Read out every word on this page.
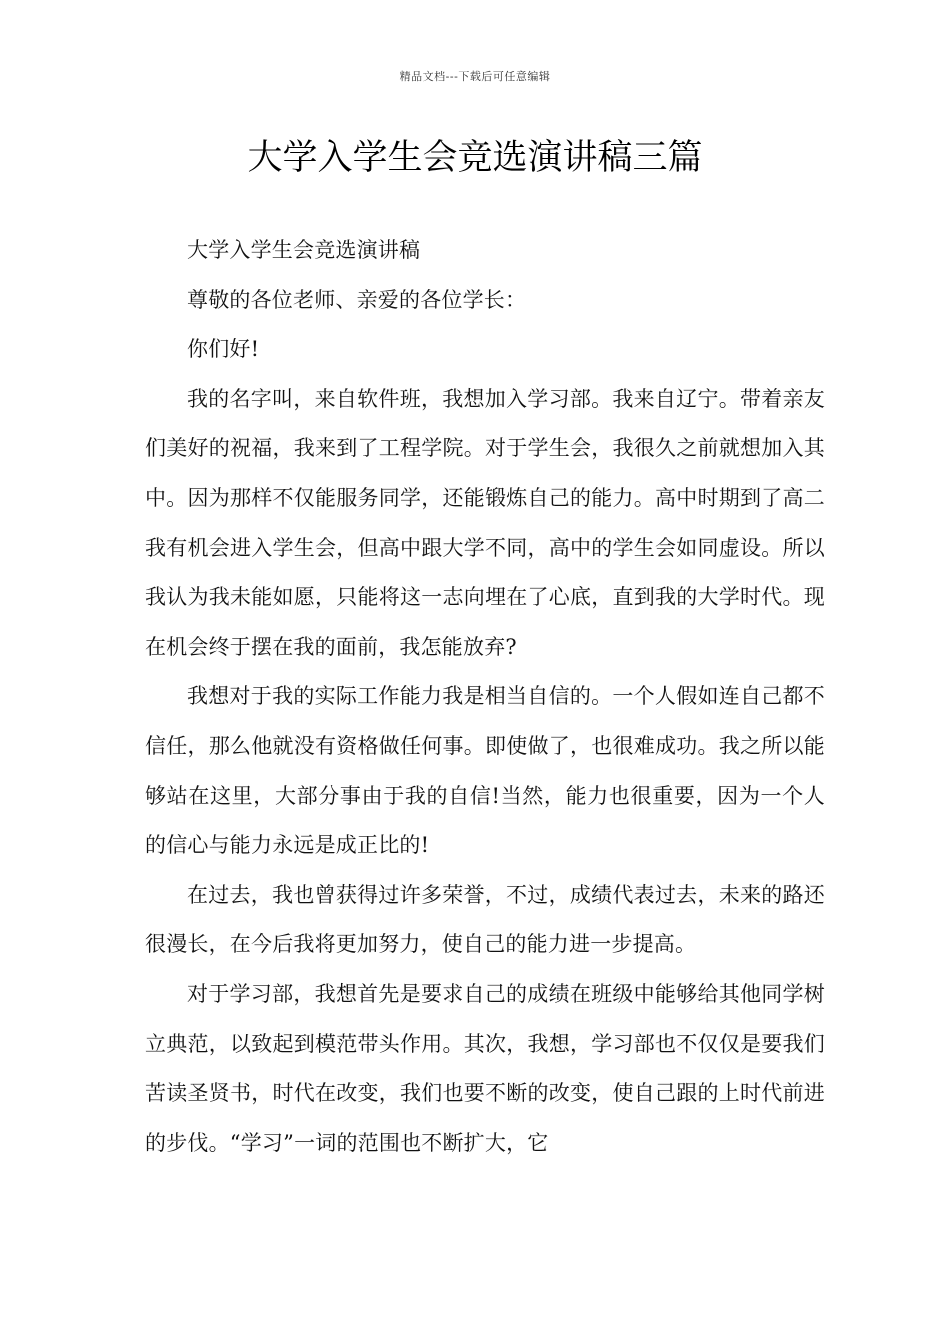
精品文档---下载后可任意编辑
大学入学生会竞选演讲稿三篇

大学入学生会竞选演讲稿

尊敬的各位老师、亲爱的各位学长：

你们好!

我的名字叫，来自软件班，我想加入学习部。我来自辽宁。带着亲友们美好的祝福，我来到了工程学院。对于学生会，我很久之前就想加入其中。因为那样不仅能服务同学，还能锻炼自己的能力。高中时期到了高二我有机会进入学生会，但高中跟大学不同，高中的学生会如同虚设。所以我认为我未能如愿，只能将这一志向埋在了心底，直到我的大学时代。现在机会终于摆在我的面前，我怎能放弃?

我想对于我的实际工作能力我是相当自信的。一个人假如连自己都不信任，那么他就没有资格做任何事。即使做了，也很难成功。我之所以能够站在这里，大部分事由于我的自信!当然，能力也很重要，因为一个人的信心与能力永远是成正比的!

在过去，我也曾获得过许多荣誉，不过，成绩代表过去，未来的路还很漫长，在今后我将更加努力，使自己的能力进一步提高。

对于学习部，我想首先是要求自己的成绩在班级中能够给其他同学树立典范，以致起到模范带头作用。其次，我想，学习部也不仅仅是要我们苦读圣贤书，时代在改变，我们也要不断的改变，使自己跟的上时代前进的步伐。“学习”一词的范围也不断扩大，它
